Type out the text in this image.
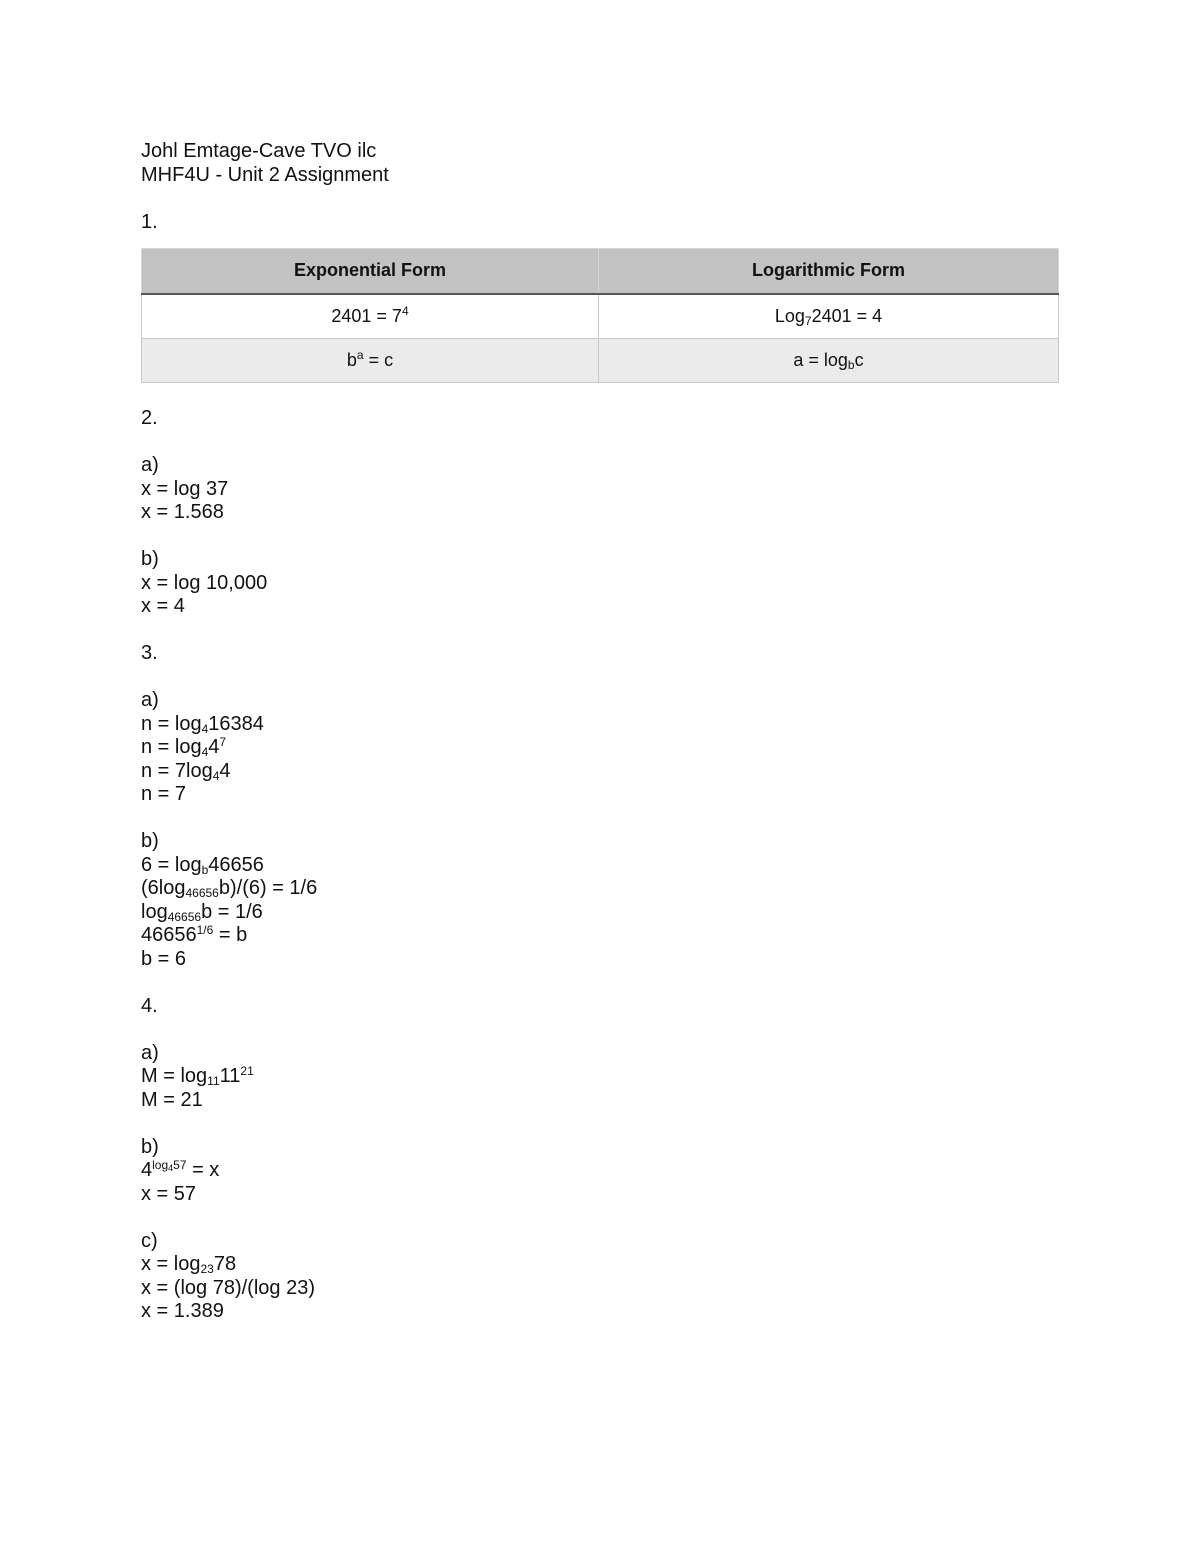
Johl Emtage-Cave TVO ilc
MHF4U - Unit 2 Assignment
1.
Exponential Form	Logarithmic Form
$2401 = 7^4$	Log$_7$2401 = 4
$b^a = c$	$a = \log_bc$
2.
a)
x = log 37
x = 1.568
b)
x = log 10,000
x = 4
3.
a)
$n = \log_416384$
$n = \log_44^7$
$n = 7\log_44$
n = 7
b)
$6 = \log_b46656$
$(6\log_{46656}b)/(6) = 1/6$
$\log_{46656}b = 1/6$
$46656^{1/6} = b$
b = 6
4.
a)
$M = \log_{11}11^{21}$
M = 21
b)
$4^{log_457} = x$
x = 57
c)
$x = \log_{23}78$
x = (log 78)/(log 23)
x = 1.389
